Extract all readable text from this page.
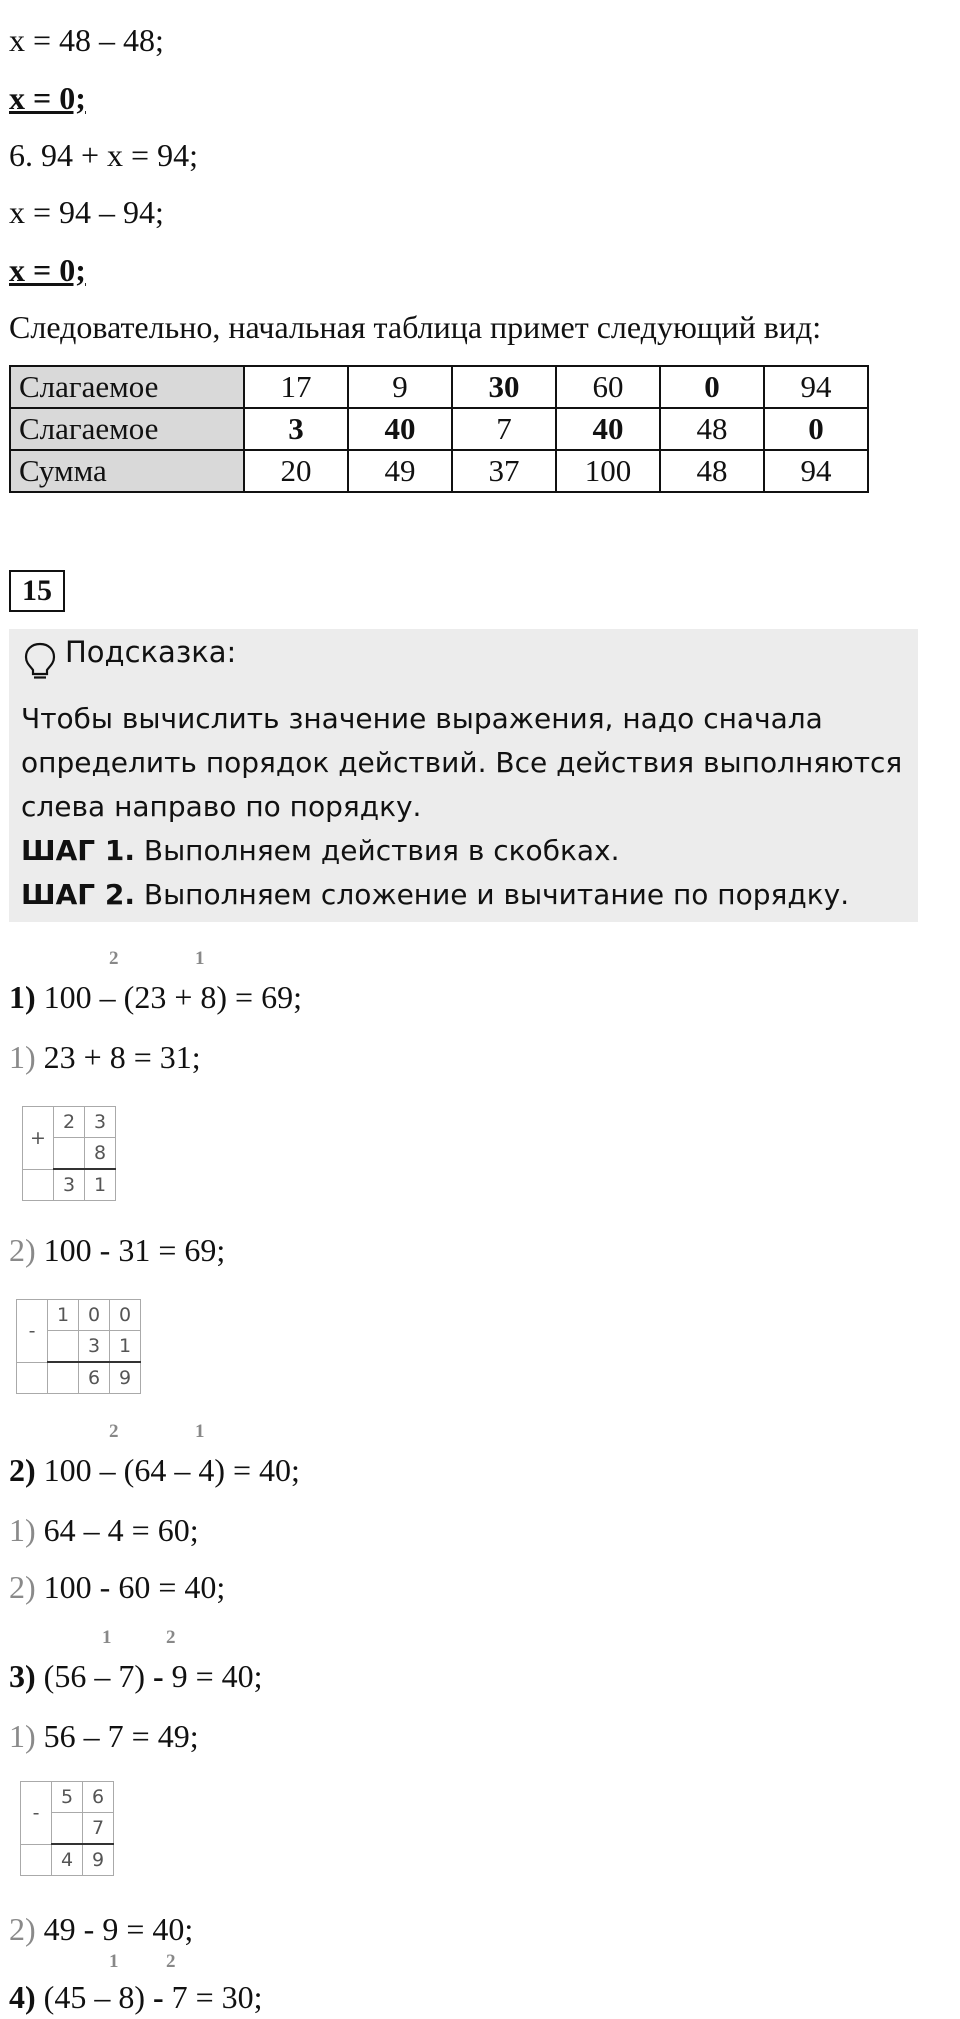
x = 48 – 48;
x = 0;
6. 94 + x = 94;
x = 94 – 94;
x = 0;
Следовательно, начальная таблица примет следующий вид:
Слагаемое	17	9	30	60	0	94
Слагаемое	3	40	7	40	48	0
Сумма	20	49	37	100	48	94
15
Подсказка:
Чтобы вычислить значение выражения, надо сначала
определить порядок действий. Все действия выполняются
слева направо по порядку.
ШАГ 1. Выполняем действия в скобках.
ШАГ 2. Выполняем сложение и вычитание по порядку.
2	1
1) 100 – (23 + 8) = 69;
1) 23 + 8 = 31;
+	2	3
		8
	3	1
2) 100 - 31 = 69;
-	1	0	0
		3	1
		6	9
2	1
2) 100 – (64 – 4) = 40;
1) 64 – 4 = 60;
2) 100 - 60 = 40;
1	2
3) (56 – 7) - 9 = 40;
1) 56 – 7 = 49;
-	5	6
		7
	4	9
2) 49 - 9 = 40;
1	2
4) (45 – 8) - 7 = 30;
